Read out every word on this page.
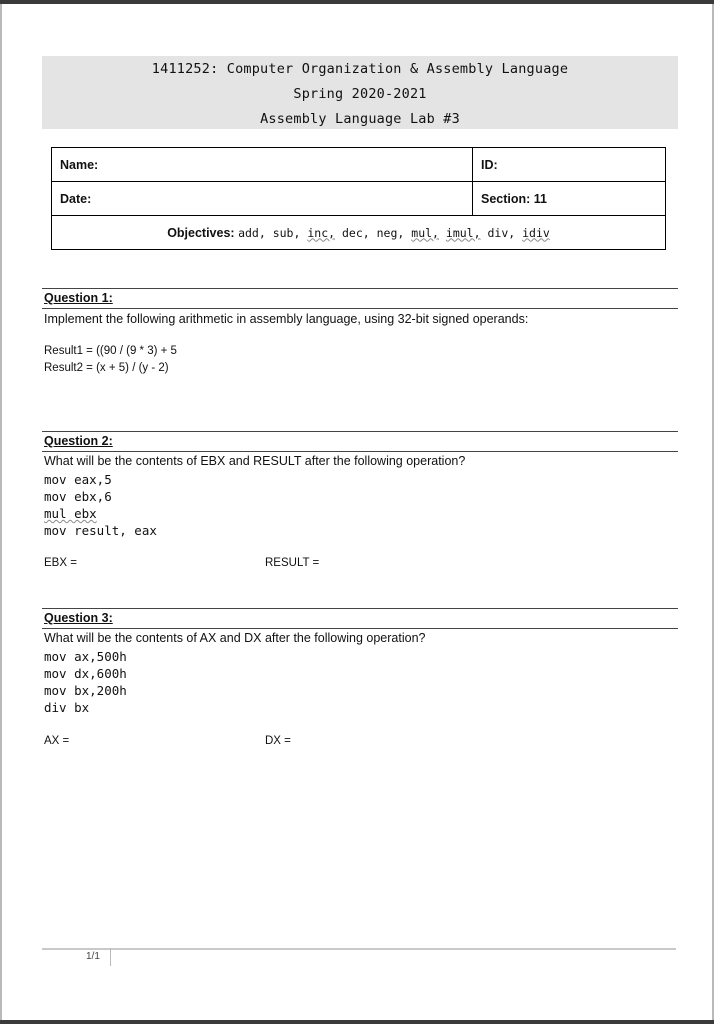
1411252: Computer Organization & Assembly Language
Spring 2020-2021
Assembly Language Lab #3
Name:	ID:
Date:	Section: 11
Objectives: add, sub, inc, dec, neg, mul, imul, div, idiv	
Question 1:
Implement the following arithmetic in assembly language, using 32-bit signed operands:
Result1 = ((90 / (9 * 3) + 5
Result2 = (x + 5) / (y - 2)
Question 2:
What will be the contents of EBX and RESULT after the following operation?
mov eax,5
mov ebx,6
mul ebx
mov result, eax
EBX =	RESULT =
Question 3:
What will be the contents of AX and DX after the following operation?
mov ax,500h
mov dx,600h
mov bx,200h
div bx
AX =	DX =
1/1
